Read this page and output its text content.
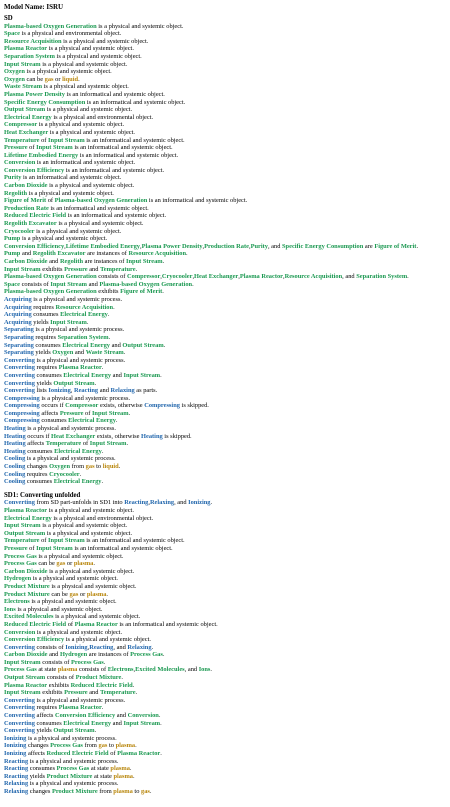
Model Name: ISRU
SD
Plasma-based Oxygen Generation is a physical and systemic object.
Space is a physical and environmental object.
Resource Acquisition is a physical and systemic object.
Plasma Reactor is a physical and systemic object.
Separation System is a physical and systemic object.
Input Stream is a physical and systemic object.
Oxygen is a physical and systemic object.
Oxygen can be gas or liquid.
Waste Stream is a physical and systemic object.
Plasma Power Density is an informatical and systemic object.
Specific Energy Consumption is an informatical and systemic object.
Output Stream is a physical and systemic object.
Electrical Energy is a physical and environmental object.
Compressor is a physical and systemic object.
Heat Exchanger is a physical and systemic object.
Temperature of Input Stream is an informatical and systemic object.
Pressure of Input Stream is an informatical and systemic object.
Lifetime Embodied Energy is an informatical and systemic object.
Conversion is an informatical and systemic object.
Conversion Efficiency is an informatical and systemic object.
Purity is an informatical and systemic object.
Carbon Dioxide is a physical and systemic object.
Regolith is a physical and systemic object.
Figure of Merit of Plasma-based Oxygen Generation is an informatical and systemic object.
Production Rate is an informatical and systemic object.
Reduced Electric Field is an informatical and systemic object.
Regolith Excavator is a physical and systemic object.
Cryocooler is a physical and systemic object.
Pump is a physical and systemic object.
Conversion Efficiency,Lifetime Embodied Energy,Plasma Power Density,Production Rate,Purity, and Specific Energy Consumption are Figure of Merit.
Pump and Regolith Excavator are instances of Resource Acquisition.
Carbon Dioxide and Regolith are instances of Input Stream.
Input Stream exhibits Pressure and Temperature.
Plasma-based Oxygen Generation consists of Compressor,Cryocooler,Heat Exchanger,Plasma Reactor,Resource Acquisition, and Separation System.
Space consists of Input Stream and Plasma-based Oxygen Generation.
Plasma-based Oxygen Generation exhibits Figure of Merit.
Acquiring is a physical and systemic process.
Acquiring requires Resource Acquisition.
Acquiring consumes Electrical Energy.
Acquiring yields Input Stream.
Separating is a physical and systemic process.
Separating requires Separation System.
Separating consumes Electrical Energy and Output Stream.
Separating yields Oxygen and Waste Stream.
Converting is a physical and systemic process.
Converting requires Plasma Reactor.
Converting consumes Electrical Energy and Input Stream.
Converting yields Output Stream.
Converting lists Ionizing, Reacting and Relaxing as parts.
Compressing is a physical and systemic process.
Compressing occurs if Compressor exists, otherwise Compressing is skipped.
Compressing affects Pressure of Input Stream.
Compressing consumes Electrical Energy.
Heating is a physical and systemic process.
Heating occurs if Heat Exchanger exists, otherwise Heating is skipped.
Heating affects Temperature of Input Stream.
Heating consumes Electrical Energy.
Cooling is a physical and systemic process.
Cooling changes Oxygen from gas to liquid.
Cooling requires Cryocooler.
Cooling consumes Electrical Energy.
SD1: Converting unfolded
Converting from SD part-unfolds in SD1 into Reacting,Relaxing, and Ionizing.
Plasma Reactor is a physical and systemic object.
Electrical Energy is a physical and environmental object.
Input Stream is a physical and systemic object.
Output Stream is a physical and systemic object.
Temperature of Input Stream is an informatical and systemic object.
Pressure of Input Stream is an informatical and systemic object.
Process Gas is a physical and systemic object.
Process Gas can be gas or plasma.
Carbon Dioxide is a physical and systemic object.
Hydrogen is a physical and systemic object.
Product Mixture is a physical and systemic object.
Product Mixture can be gas or plasma.
Electrons is a physical and systemic object.
Ions is a physical and systemic object.
Excited Molecules is a physical and systemic object.
Reduced Electric Field of Plasma Reactor is an informatical and systemic object.
Conversion is a physical and systemic object.
Conversion Efficiency is a physical and systemic object.
Converting consists of Ionizing,Reacting, and Relaxing.
Carbon Dioxide and Hydrogen are instances of Process Gas.
Input Stream consists of Process Gas.
Process Gas at state plasma consists of Electrons,Excited Molecules, and Ions.
Output Stream consists of Product Mixture.
Plasma Reactor exhibits Reduced Electric Field.
Input Stream exhibits Pressure and Temperature.
Converting is a physical and systemic process.
Converting requires Plasma Reactor.
Converting affects Conversion Efficiency and Conversion.
Converting consumes Electrical Energy and Input Stream.
Converting yields Output Stream.
Ionizing is a physical and systemic process.
Ionizing changes Process Gas from gas to plasma.
Ionizing affects Reduced Electric Field of Plasma Reactor.
Reacting is a physical and systemic process.
Reacting consumes Process Gas at state plasma.
Reacting yields Product Mixture at state plasma.
Relaxing is a physical and systemic process.
Relaxing changes Product Mixture from plasma to gas.
